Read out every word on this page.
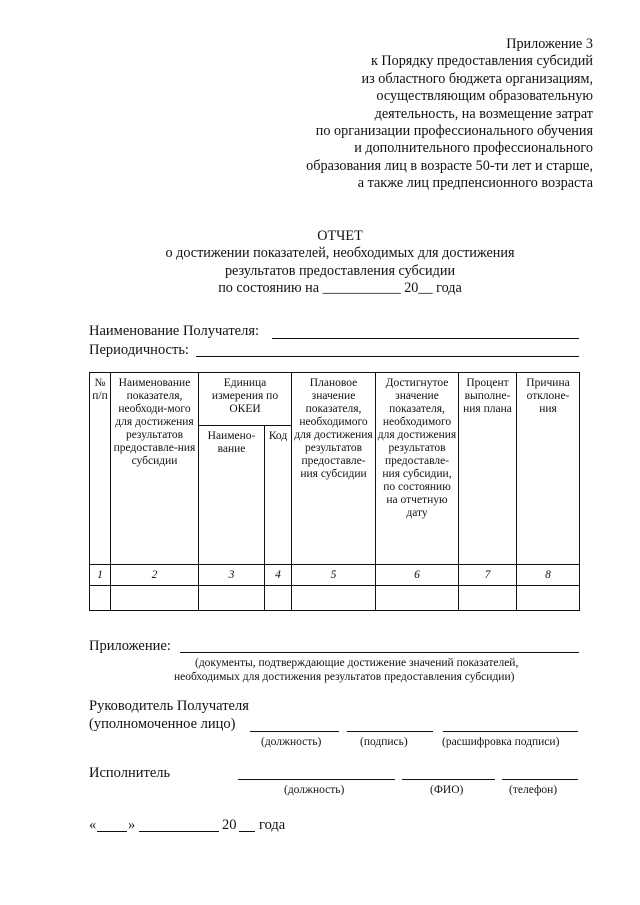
Приложение 3
к Порядку предоставления субсидий
из областного бюджета организациям,
осуществляющим образовательную
деятельность, на возмещение затрат
по организации профессионального обучения
и дополнительного профессионального
образования лиц в возрасте 50-ти лет и старше,
а также лиц предпенсионного возраста
ОТЧЕТ
о достижении показателей, необходимых для достижения
результатов предоставления субсидии
по состоянию на ___________ 20__ года
Наименование Получателя:
Периодичность:
№ п/п	Наименование показателя, необходи-мого для достижения результатов предоставле-ния субсидии	Единица измерения по ОКЕИ		Плановое значение показателя, необходимого для достижения результатов предоставле-ния субсидии	Достигнутое значение показателя, необходимого для достижения результатов предоставле-ния субсидии, по состоянию на отчетную дату	Процент выполне-ния плана	Причина отклоне-ния
		Наимено-вание	Код				
1	2	3	4	5	6	7	8

Приложение:
(документы, подтверждающие достижение значений показателей,
необходимых для достижения результатов предоставления субсидии)
Руководитель Получателя
(уполномоченное лицо)
(должность)	(подпись)	(расшифровка подписи)
Исполнитель
(должность)	(ФИО)	(телефон)
« »	20 года
